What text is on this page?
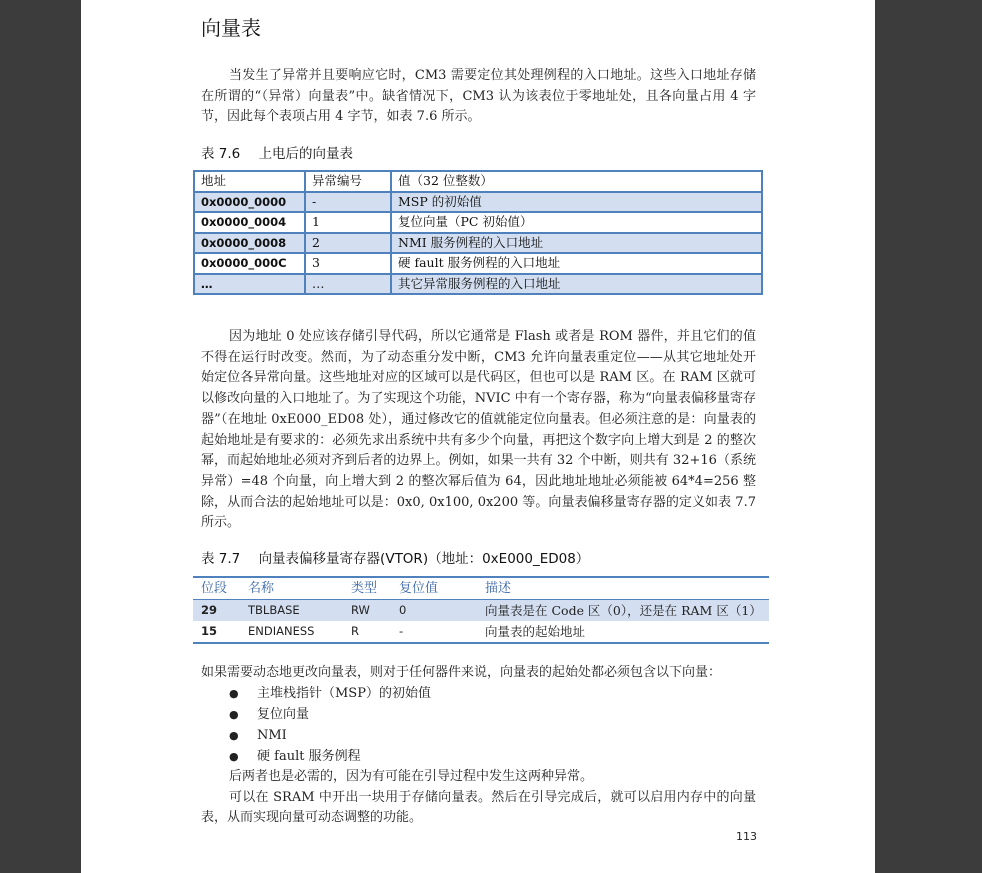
向量表

当发生了异常并且要响应它时，CM3 需要定位其处理例程的入口地址。这些入口地址存储在所谓的“（异常）向量表”中。缺省情况下，CM3 认为该表位于零地址处，且各向量占用 4 字节，因此每个表项占用 4 字节，如表 7.6 所示。

表 7.6 上电后的向量表
地址	异常编号	值（32 位整数）
0x0000_0000	-	MSP 的初始值
0x0000_0004	1	复位向量（PC 初始值）
0x0000_0008	2	NMI 服务例程的入口地址
0x0000_000C	3	硬 fault 服务例程的入口地址
…	…	其它异常服务例程的入口地址

因为地址 0 处应该存储引导代码，所以它通常是 Flash 或者是 ROM 器件，并且它们的值不得在运行时改变。然而，为了动态重分发中断，CM3 允许向量表重定位——从其它地址处开始定位各异常向量。这些地址对应的区域可以是代码区，但也可以是 RAM 区。在 RAM 区就可以修改向量的入口地址了。为了实现这个功能，NVIC 中有一个寄存器，称为“向量表偏移量寄存器”（在地址 0xE000_ED08 处），通过修改它的值就能定位向量表。但必须注意的是：向量表的起始地址是有要求的：必须先求出系统中共有多少个向量，再把这个数字向上增大到是 2 的整次幂，而起始地址必须对齐到后者的边界上。例如，如果一共有 32 个中断，则共有 32+16（系统异常）=48 个向量，向上增大到 2 的整次幂后值为 64，因此地址地址必须能被 64*4=256 整除，从而合法的起始地址可以是：0x0, 0x100, 0x200 等。向量表偏移量寄存器的定义如表 7.7 所示。

表 7.7 向量表偏移量寄存器(VTOR)（地址：0xE000_ED08）
位段	名称	类型	复位值	描述
29	TBLBASE	RW	0	向量表是在 Code 区（0），还是在 RAM 区（1）
15	ENDIANESS	R	-	向量表的起始地址

如果需要动态地更改向量表，则对于任何器件来说，向量表的起始处都必须包含以下向量：

●	主堆栈指针（MSP）的初始值
●	复位向量
●	NMI
●	硬 fault 服务例程

后两者也是必需的，因为有可能在引导过程中发生这两种异常。

可以在 SRAM 中开出一块用于存储向量表。然后在引导完成后，就可以启用内存中的向量表，从而实现向量可动态调整的功能。

113
